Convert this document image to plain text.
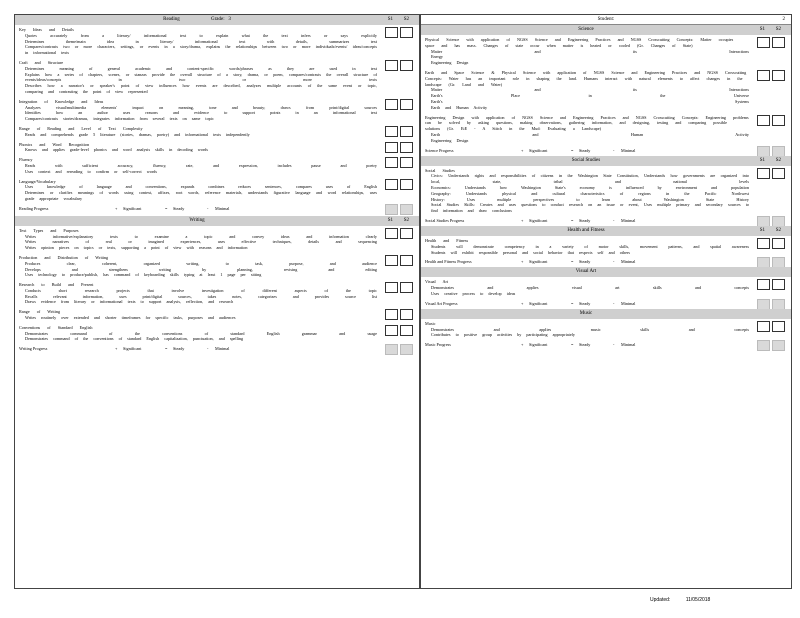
Reading	Grade: 3	S1 S2
Key Ideas and Details
Quotes accurately from a literary/ informational text to explain what the text infers or says explicitly
Determines theme/main idea in literary/ informational text with details, summarizes text
Compares/contrasts two or more characters, settings, or events in a story/drama, explains the relationships between two or more individuals/events/ ideas/concepts in informational texts
Craft and Structure
Determines meaning of general academic and content-specific words/phrases as they are used in text
Explains how a series of chapters, scenes, or stanzas provide the overall structure of a story, drama, or poem, compares/contrasts the overall structure of events/ideas/concepts in two or more texts
Describes how a narrator's or speaker's point of view influences how events are described, analyzes multiple accounts of the same event or topic, comparing and contrasting the point of view represented
Integration of Knowledge and Ideas
Analyzes visual/multimedia elements' impact on meaning, tone and beauty; draws from print/digital sources
Identifies how an author uses reasons and evidence to support points in an informational text
Compares/contrasts stories/dramas, integrates information from several texts on same topic
Range of Reading and Level of Text Complexity
Reads and comprehends grade 5 literature (stories, dramas, poetry) and informational texts independently
Phonics and Word Recognition
Knows and applies grade-level phonics and word analysis skills in decoding words
Fluency
Reads with sufficient accuracy, fluency, rate, and expression, includes pause and poetry
Uses context and rereading to confirm or self-correct words
Language/Vocabulary
Uses knowledge of language and conventions, expands combines reduces sentences, compares uses of English
Determines or clarifies meanings of words using context, affixes, root words, reference materials, understands figurative language and word relationships, uses grade appropriate vocabulary
Reading Progress	+ Significant	= Steady	- Minimal
Writing	S1 S2
Text Types and Purposes
Writes informative/explanatory texts to examine a topic and convey ideas and information clearly
Writes narratives of real or imagined experiences, uses effective techniques, details and sequencing
Writes opinion pieces on topics or texts, supporting a point of view with reasons and information
Production and Distribution of Writing
Produces clear, coherent, organized writing, to task, purpose, and audience
Develops and strengthens writing by planning, revising and editing
Uses technology to produce/publish, has command of keyboarding skills typing at least 1 page per sitting
Research to Build and Present
Conducts short research projects that involve investigation of different aspects of the topic
Recalls relevant information, uses print/digital sources, takes notes, categorizes and provides source list
Draws evidence from literary or informational texts to support analysis, reflection, and research
Range of Writing
Writes routinely over extended and shorter timeframes for specific tasks, purposes and audiences
Conventions of Standard English
Demonstrates command of the conventions of standard English grammar and usage
Demonstrates command of the conventions of standard English capitalization, punctuation, and spelling
Writing Progress	+ Significant	= Steady	- Minimal
Student:	2
Science	S1 S2
Physical Science with application of NGSS Science and Engineering Practices and NGSS Crosscutting Concepts: Matter occupies space and has mass. Changes of state occur when matter is heated or cooled (Gr. Changes of State)
Matter and its Interactions
Energy
Engineering Design
Earth and Space Science & Physical Science with application of NGSS Science and Engineering Practices and NGSS Crosscutting Concepts: Water has an important role in shaping the land. Humans interact with natural elements to affect changes in the landscape (Gr. Land and Water)
Matter and its Interactions
Earth's Place in the Universe
Earth's Systems
Earth and Human Activity
Engineering Design with application of NGSS Science and Engineering Practices and NGSS Crosscutting Concepts: Engineering problems can be solved by asking questions, making observations, gathering information, and designing, testing and comparing possible solutions (Gr. EiE - A Stitch in the Mud: Evaluating a Landscape)
Earth and Human Activity
Engineering Design
Science Progress	+ Significant	= Steady	- Minimal
Social Studies	S1 S2
Social Studies
Civics: Understands rights and responsibilities of citizens in the Washington State Constitution, Understands how governments are organized into local, state, tribal and national levels
Economics: Understands how Washington State's economy is influenced by environment and population
Geography: Understands physical and cultural characteristics of regions in the Pacific Northwest
History: Uses multiple perspectives to learn about Washington State History
Social Studies Skills: Creates and uses questions to conduct research on an issue or event, Uses multiple primary and secondary sources to find information and draw conclusions
Social Studies Progress	+ Significant	= Steady	- Minimal
Health and Fitness	S1 S2
Health and Fitness
Students will demonstrate competency in a variety of motor skills, movement patterns, and spatial awareness
Students will exhibit responsible personal and social behavior that respects self and others
Health and Fitness Progress	+ Significant	= Steady	- Minimal
Visual Art
Visual Art
Demonstrates and applies visual art skills and concepts
Uses creative process to develop ideas
Visual Art Progress	+ Significant	= Steady	- Minimal
Music
Music
Demonstrates and applies music skills and concepts
Contributes to positive group activities by participating appropriately
Music Progress	+ Significant	= Steady	- Minimal
Updated:	11/05/2018
